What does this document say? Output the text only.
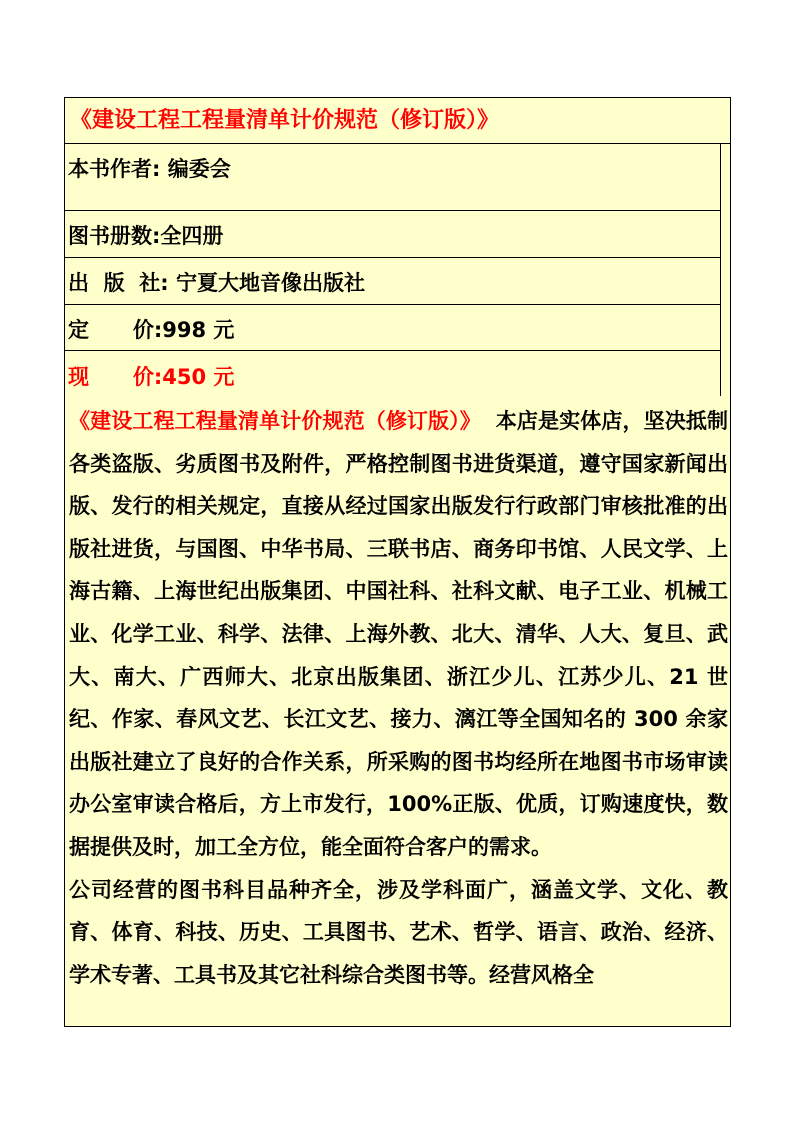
《建设工程工程量清单计价规范（修订版）》
本书作者: 编委会
图书册数:全四册
出  版  社: 宁夏大地音像出版社
定      价:998 元
现      价:450 元

《建设工程工程量清单计价规范（修订版）》 本店是实体店，坚决抵制各类盗版、劣质图书及附件，严格控制图书进货渠道，遵守国家新闻出版、发行的相关规定，直接从经过国家出版发行行政部门审核批准的出版社进货，与国图、中华书局、三联书店、商务印书馆、人民文学、上海古籍、上海世纪出版集团、中国社科、社科文献、电子工业、机械工业、化学工业、科学、法律、上海外教、北大、清华、人大、复旦、武大、南大、广西师大、北京出版集团、浙江少儿、江苏少儿、21 世纪、作家、春风文艺、长江文艺、接力、漓江等全国知名的 300 余家出版社建立了良好的合作关系，所采购的图书均经所在地图书市场审读办公室审读合格后，方上市发行，100%正版、优质，订购速度快，数据提供及时，加工全方位，能全面符合客户的需求。

公司经营的图书科目品种齐全，涉及学科面广，涵盖文学、文化、教育、体育、科技、历史、工具图书、艺术、哲学、语言、政治、经济、学术专著、工具书及其它社科综合类图书等。经营风格全
